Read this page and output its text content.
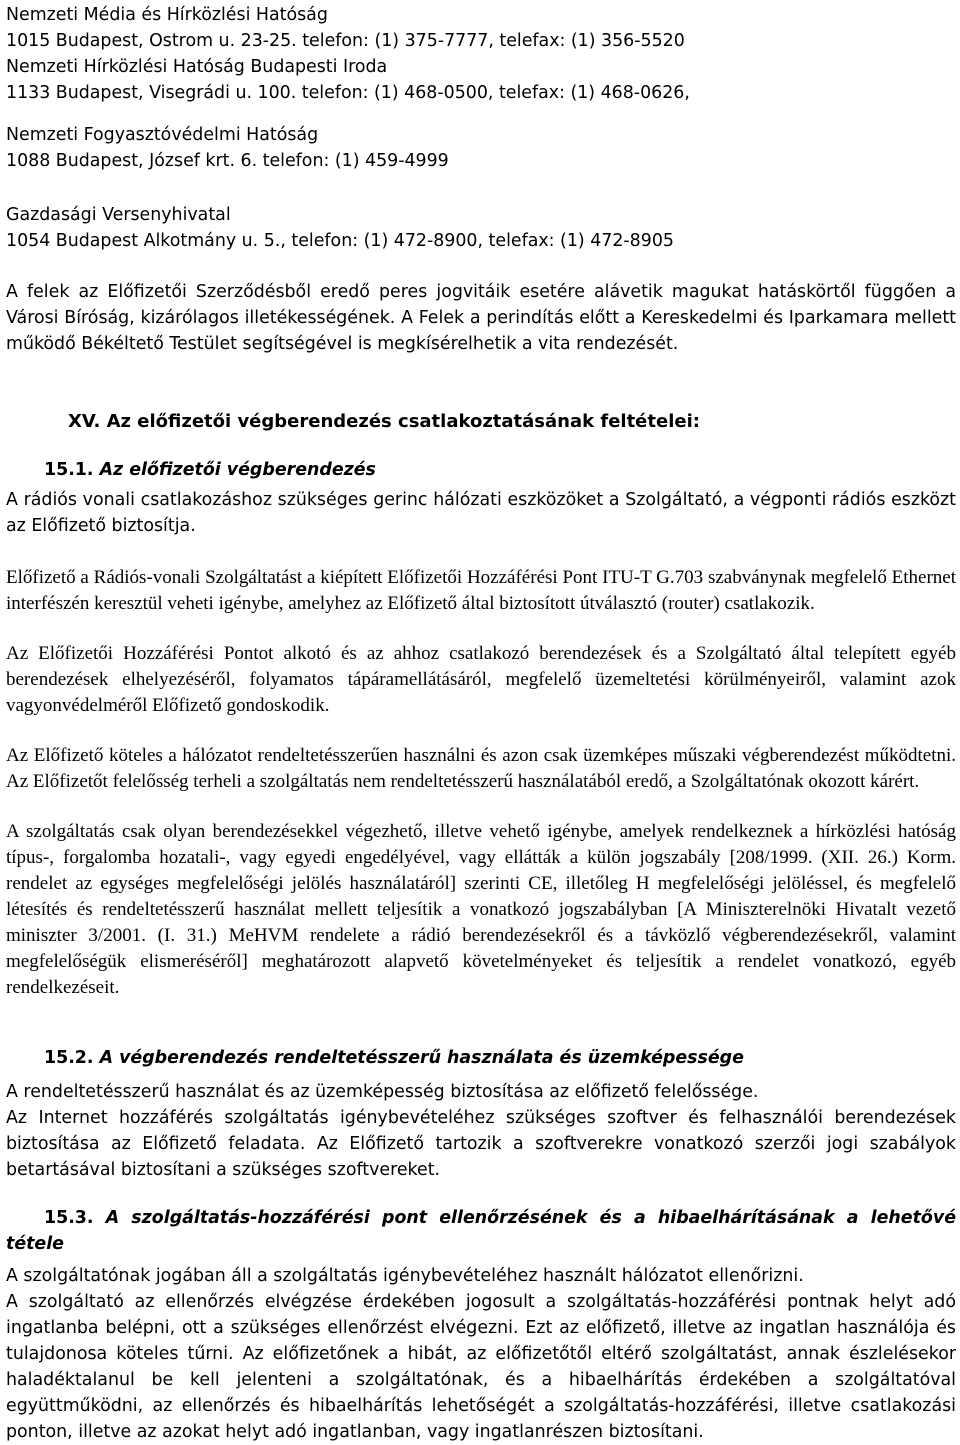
Nemzeti Média és Hírközlési Hatóság
1015 Budapest, Ostrom u. 23-25. telefon: (1) 375-7777, telefax: (1) 356-5520
Nemzeti Hírközlési Hatóság Budapesti Iroda
1133 Budapest, Visegrádi u. 100. telefon: (1) 468-0500, telefax: (1) 468-0626,
Nemzeti Fogyasztóvédelmi Hatóság
1088 Budapest, József krt. 6. telefon: (1) 459-4999
Gazdasági Versenyhivatal
1054 Budapest Alkotmány u. 5., telefon: (1) 472-8900, telefax: (1) 472-8905

A felek az Előfizetői Szerződésből eredő peres jogvitáik esetére alávetik magukat hatáskörtől függően a Városi Bíróság, kizárólagos illetékességének. A Felek a perindítás előtt a Kereskedelmi és Iparkamara mellett működő Békéltető Testület segítségével is megkísérelhetik a vita rendezését.

XV. Az előfizetői végberendezés csatlakoztatásának feltételei:
15.1. Az előfizetői végberendezés

A rádiós vonali csatlakozáshoz szükséges gerinc hálózati eszközöket a Szolgáltató, a végponti rádiós eszközt az Előfizető biztosítja.

Előfizető a Rádiós-vonali Szolgáltatást a kiépített Előfizetői Hozzáférési Pont ITU-T G.703 szabványnak megfelelő Ethernet interfészén keresztül veheti igénybe, amelyhez az Előfizető által biztosított útválasztó (router) csatlakozik.

Az Előfizetői Hozzáférési Pontot alkotó és az ahhoz csatlakozó berendezések és a Szolgáltató által telepített egyéb berendezések elhelyezéséről, folyamatos tápáramellátásáról, megfelelő üzemeltetési körülményeiről, valamint azok vagyonvédelméről Előfizető gondoskodik.

Az Előfizető köteles a hálózatot rendeltetésszerűen használni és azon csak üzemképes műszaki végberendezést működtetni. Az Előfizetőt felelősség terheli a szolgáltatás nem rendeltetésszerű használatából eredő, a Szolgáltatónak okozott kárért.

A szolgáltatás csak olyan berendezésekkel végezhető, illetve vehető igénybe, amelyek rendelkeznek a hírközlési hatóság típus-, forgalomba hozatali-, vagy egyedi engedélyével, vagy ellátták a külön jogszabály [208/1999. (XII. 26.) Korm. rendelet az egységes megfelelőségi jelölés használatáról] szerinti CE, illetőleg H megfelelőségi jelöléssel, és megfelelő létesítés és rendeltetésszerű használat mellett teljesítik a vonatkozó jogszabályban [A Miniszterelnöki Hivatalt vezető miniszter 3/2001. (I. 31.) MeHVM rendelete a rádió berendezésekről és a távközlő végberendezésekről, valamint megfelelőségük elismeréséről] meghatározott alapvető követelményeket és teljesítik a rendelet vonatkozó, egyéb rendelkezéseit.

15.2. A végberendezés rendeltetésszerű használata és üzemképessége

A rendeltetésszerű használat és az üzemképesség biztosítása az előfizető felelőssége.

Az Internet hozzáférés szolgáltatás igénybevételéhez szükséges szoftver és felhasználói berendezések biztosítása az Előfizető feladata. Az Előfizető tartozik a szoftverekre vonatkozó szerzői jogi szabályok betartásával biztosítani a szükséges szoftvereket.

15.3. A szolgáltatás-hozzáférési pont ellenőrzésének és a hibaelhárításának a lehetővé tétele

A szolgáltatónak jogában áll a szolgáltatás igénybevételéhez használt hálózatot ellenőrizni.

A szolgáltató az ellenőrzés elvégzése érdekében jogosult a szolgáltatás-hozzáférési pontnak helyt adó ingatlanba belépni, ott a szükséges ellenőrzést elvégezni. Ezt az előfizető, illetve az ingatlan használója és tulajdonosa köteles tűrni. Az előfizetőnek a hibát, az előfizetőtől eltérő szolgáltatást, annak észlelésekor haladéktalanul be kell jelenteni a szolgáltatónak, és a hibaelhárítás érdekében a szolgáltatóval együttműködni, az ellenőrzés és hibaelhárítás lehetőségét a szolgáltatás-hozzáférési, illetve csatlakozási ponton, illetve az azokat helyt adó ingatlanban, vagy ingatlanrészen biztosítani.
